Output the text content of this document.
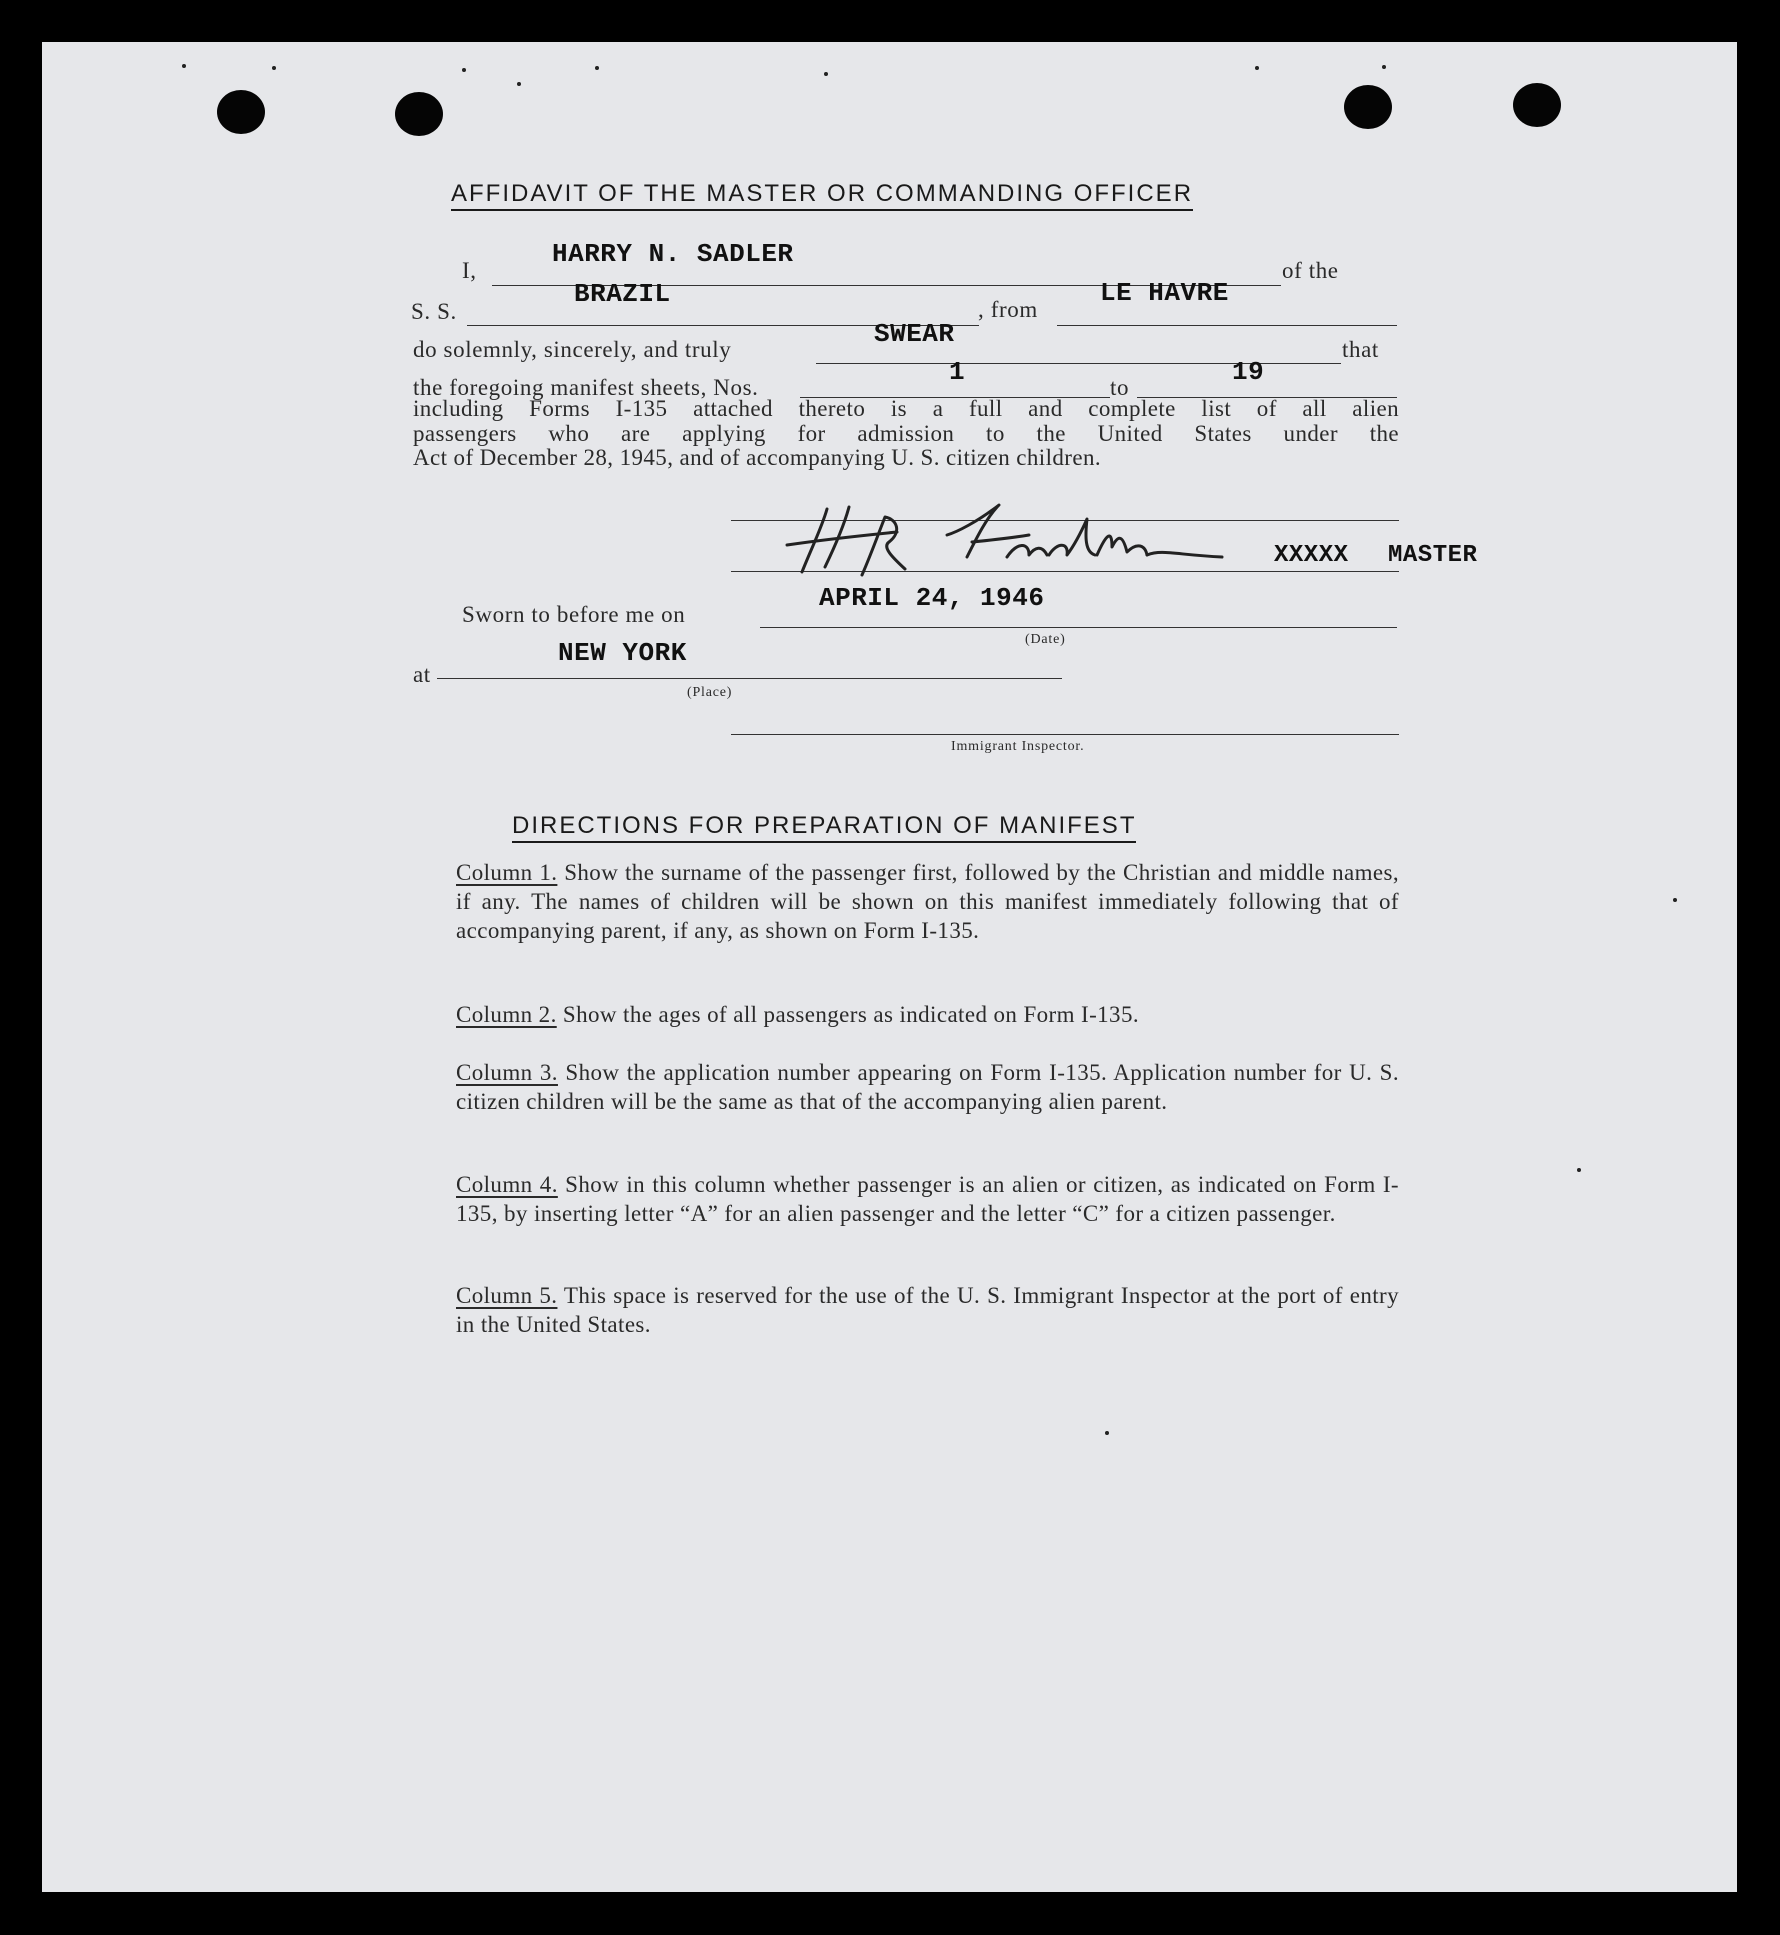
AFFIDAVIT OF THE MASTER OR COMMANDING OFFICER
I,
HARRY N. SADLER
of the
S. S.
BRAZIL
, from
LE HAVRE
do solemnly, sincerely, and truly
SWEAR
that
the foregoing manifest sheets, Nos.
1
to
19
including Forms I-135 attached thereto is a full and complete list of all alien
passengers who are applying for admission to the United States under the
Act of December 28, 1945, and of accompanying U. S. citizen children.
XXXXX MASTER
Sworn to before me on
APRIL 24, 1946
(Date)
at
NEW YORK
(Place)
Immigrant Inspector.
DIRECTIONS FOR PREPARATION OF MANIFEST
Column 1. Show the surname of the passenger first, followed by the Christian and middle names, if any. The names of children will be shown on this manifest immediately following that of accompanying parent, if any, as shown on Form I-135.
Column 2. Show the ages of all passengers as indicated on Form I-135.
Column 3. Show the application number appearing on Form I-135. Application number for U. S. citizen children will be the same as that of the accompanying alien parent.
Column 4. Show in this column whether passenger is an alien or citizen, as indicated on Form I-135, by inserting letter “A” for an alien passenger and the letter “C” for a citizen passenger.
Column 5. This space is reserved for the use of the U. S. Immigrant Inspector at the port of entry in the United States.
